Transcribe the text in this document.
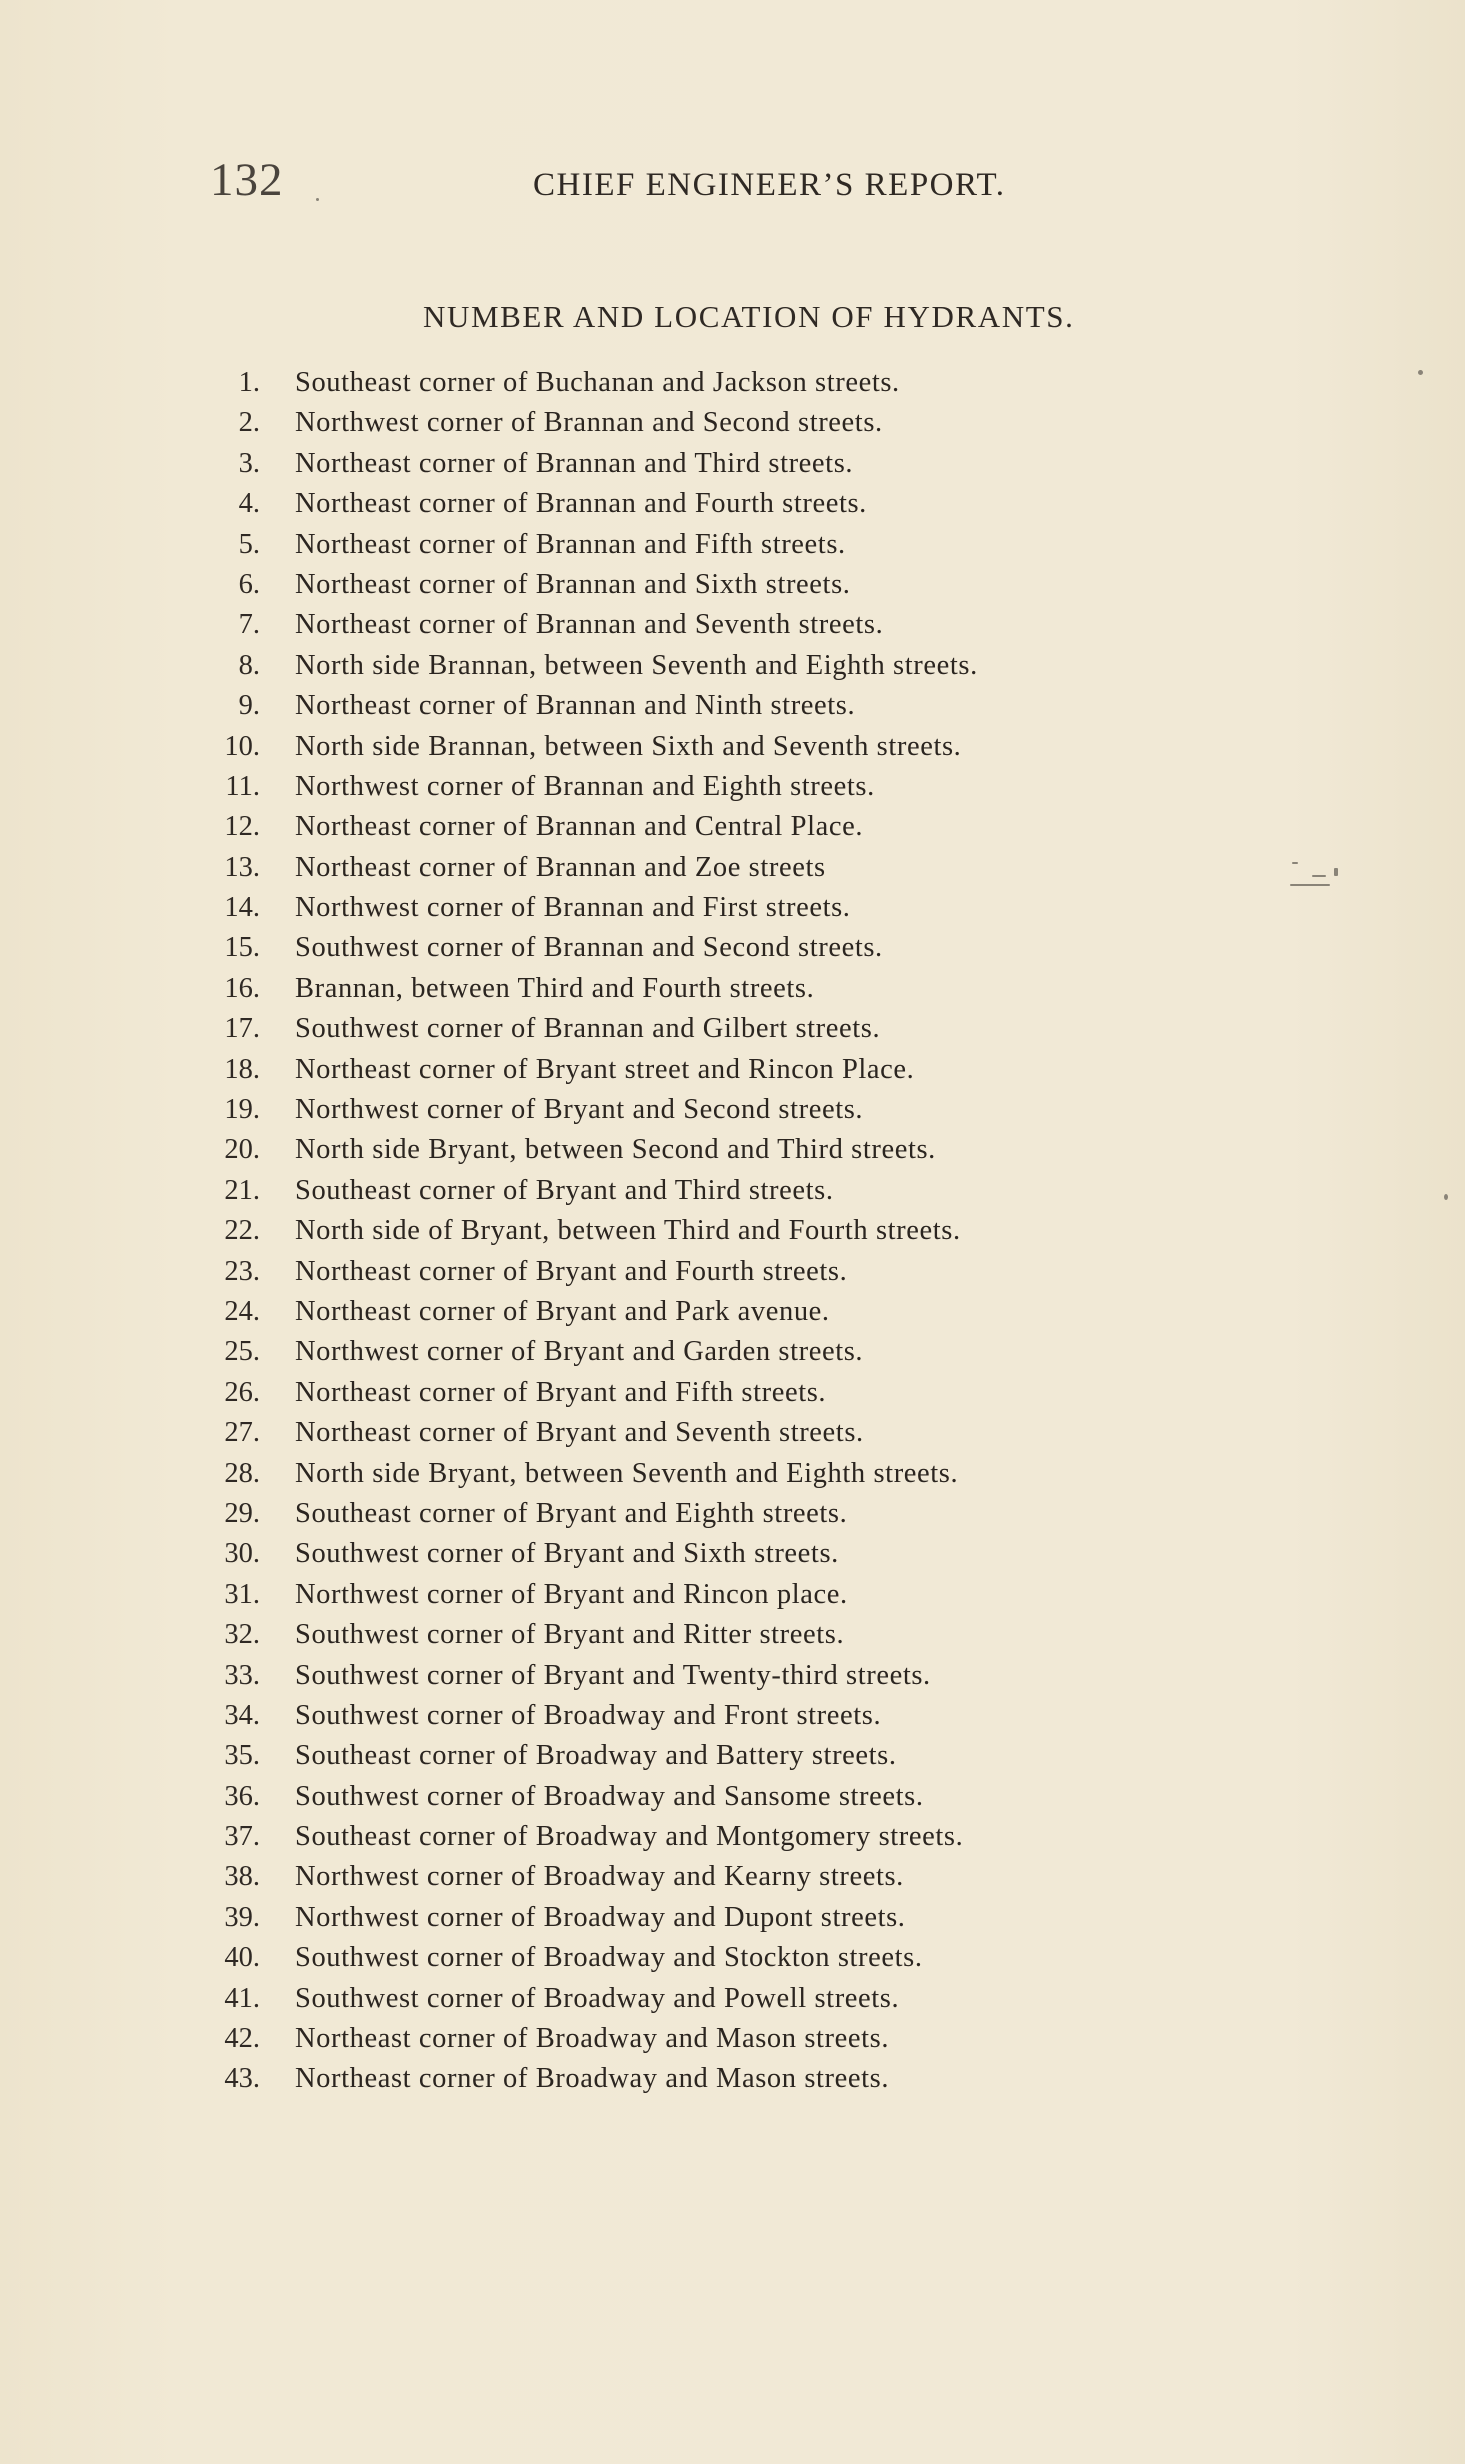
132	CHIEF ENGINEER’S REPORT.
NUMBER AND LOCATION OF HYDRANTS.
1. Southeast corner of Buchanan and Jackson streets.
2. Northwest corner of Brannan and Second streets.
3. Northeast corner of Brannan and Third streets.
4. Northeast corner of Brannan and Fourth streets.
5. Northeast corner of Brannan and Fifth streets.
6. Northeast corner of Brannan and Sixth streets.
7. Northeast corner of Brannan and Seventh streets.
8. North side Brannan, between Seventh and Eighth streets.
9. Northeast corner of Brannan and Ninth streets.
10. North side Brannan, between Sixth and Seventh streets.
11. Northwest corner of Brannan and Eighth streets.
12. Northeast corner of Brannan and Central Place.
13. Northeast corner of Brannan and Zoe streets
14. Northwest corner of Brannan and First streets.
15. Southwest corner of Brannan and Second streets.
16. Brannan, between Third and Fourth streets.
17. Southwest corner of Brannan and Gilbert streets.
18. Northeast corner of Bryant street and Rincon Place.
19. Northwest corner of Bryant and Second streets.
20. North side Bryant, between Second and Third streets.
21. Southeast corner of Bryant and Third streets.
22. North side of Bryant, between Third and Fourth streets.
23. Northeast corner of Bryant and Fourth streets.
24. Northeast corner of Bryant and Park avenue.
25. Northwest corner of Bryant and Garden streets.
26. Northeast corner of Bryant and Fifth streets.
27. Northeast corner of Bryant and Seventh streets.
28. North side Bryant, between Seventh and Eighth streets.
29. Southeast corner of Bryant and Eighth streets.
30. Southwest corner of Bryant and Sixth streets.
31. Northwest corner of Bryant and Rincon place.
32. Southwest corner of Bryant and Ritter streets.
33. Southwest corner of Bryant and Twenty-third streets.
34. Southwest corner of Broadway and Front streets.
35. Southeast corner of Broadway and Battery streets.
36. Southwest corner of Broadway and Sansome streets.
37. Southeast corner of Broadway and Montgomery streets.
38. Northwest corner of Broadway and Kearny streets.
39. Northwest corner of Broadway and Dupont streets.
40. Southwest corner of Broadway and Stockton streets.
41. Southwest corner of Broadway and Powell streets.
42. Northeast corner of Broadway and Mason streets.
43. Northeast corner of Broadway and Mason streets.
